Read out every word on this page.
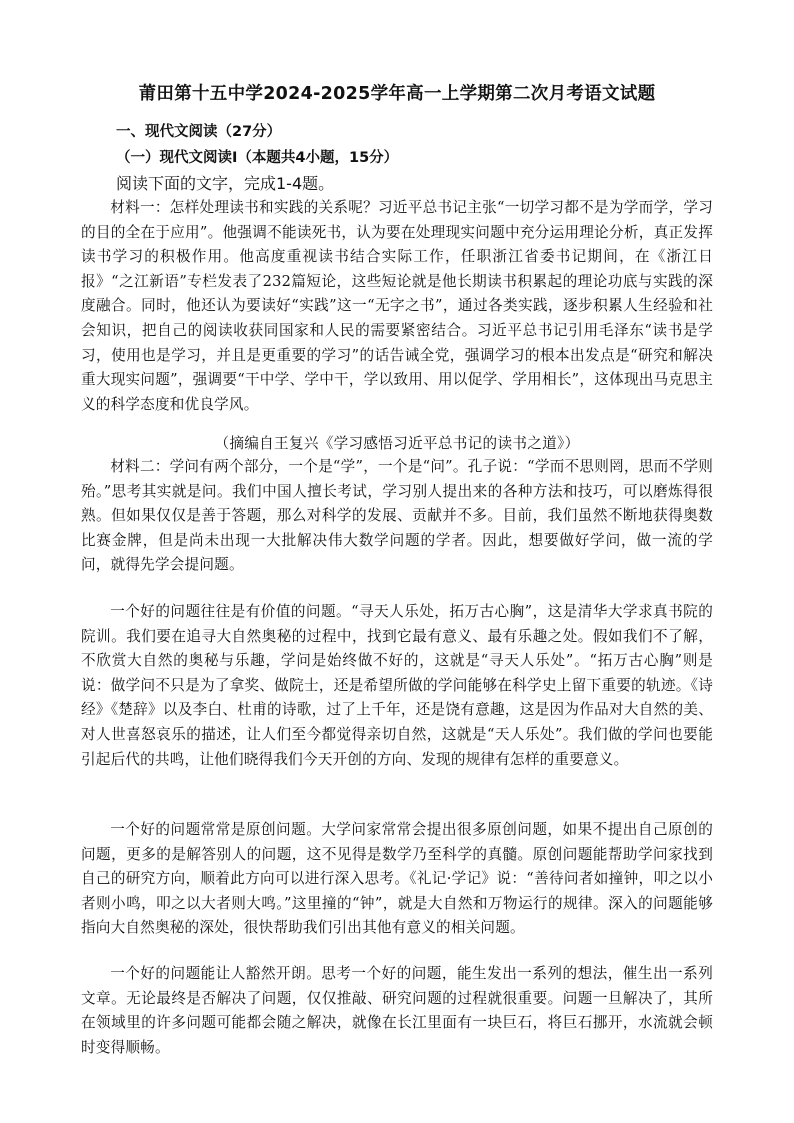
莆田第十五中学2024-2025学年高一上学期第二次月考语文试题
一、现代文阅读（27分）
（一）现代文阅读Ⅰ（本题共4小题，15分）
阅读下面的文字，完成1-4题。

材料一：怎样处理读书和实践的关系呢？习近平总书记主张“一切学习都不是为学而学，学习的目的全在于应用”。他强调不能读死书，认为要在处理现实问题中充分运用理论分析，真正发挥读书学习的积极作用。他高度重视读书结合实际工作，任职浙江省委书记期间，在《浙江日报》“之江新语”专栏发表了232篇短论，这些短论就是他长期读书积累起的理论功底与实践的深度融合。同时，他还认为要读好“实践”这一“无字之书”，通过各类实践，逐步积累人生经验和社会知识，把自己的阅读收获同国家和人民的需要紧密结合。习近平总书记引用毛泽东“读书是学习，使用也是学习，并且是更重要的学习”的话告诫全党，强调学习的根本出发点是“研究和解决重大现实问题”，强调要“干中学、学中干，学以致用、用以促学、学用相长”，这体现出马克思主义的科学态度和优良学风。

（摘编自王复兴《学习感悟习近平总书记的读书之道》）

材料二：学问有两个部分，一个是“学”，一个是“问”。孔子说：“学而不思则罔，思而不学则殆。”思考其实就是问。我们中国人擅长考试，学习别人提出来的各种方法和技巧，可以磨炼得很熟。但如果仅仅是善于答题，那么对科学的发展、贡献并不多。目前，我们虽然不断地获得奥数比赛金牌，但是尚未出现一大批解决伟大数学问题的学者。因此，想要做好学问，做一流的学问，就得先学会提问题。

一个好的问题往往是有价值的问题。“寻天人乐处，拓万古心胸”，这是清华大学求真书院的院训。我们要在追寻大自然奥秘的过程中，找到它最有意义、最有乐趣之处。假如我们不了解，不欣赏大自然的奥秘与乐趣，学问是始终做不好的，这就是“寻天人乐处”。“拓万古心胸”则是说：做学问不只是为了拿奖、做院士，还是希望所做的学问能够在科学史上留下重要的轨迹。《诗经》《楚辞》以及李白、杜甫的诗歌，过了上千年，还是饶有意趣，这是因为作品对大自然的美、对人世喜怒哀乐的描述，让人们至今都觉得亲切自然，这就是“天人乐处”。我们做的学问也要能引起后代的共鸣，让他们晓得我们今天开创的方向、发现的规律有怎样的重要意义。

一个好的问题常常是原创问题。大学问家常常会提出很多原创问题，如果不提出自己原创的问题，更多的是解答别人的问题，这不见得是数学乃至科学的真髓。原创问题能帮助学问家找到自己的研究方向，顺着此方向可以进行深入思考。《礼记·学记》说：“善待问者如撞钟，叩之以小者则小鸣，叩之以大者则大鸣。”这里撞的“钟”，就是大自然和万物运行的规律。深入的问题能够指向大自然奥秘的深处，很快帮助我们引出其他有意义的相关问题。

一个好的问题能让人豁然开朗。思考一个好的问题，能生发出一系列的想法，催生出一系列文章。无论最终是否解决了问题，仅仅推敲、研究问题的过程就很重要。问题一旦解决了，其所在领域里的许多问题可能都会随之解决，就像在长江里面有一块巨石，将巨石挪开，水流就会顿时变得顺畅。
